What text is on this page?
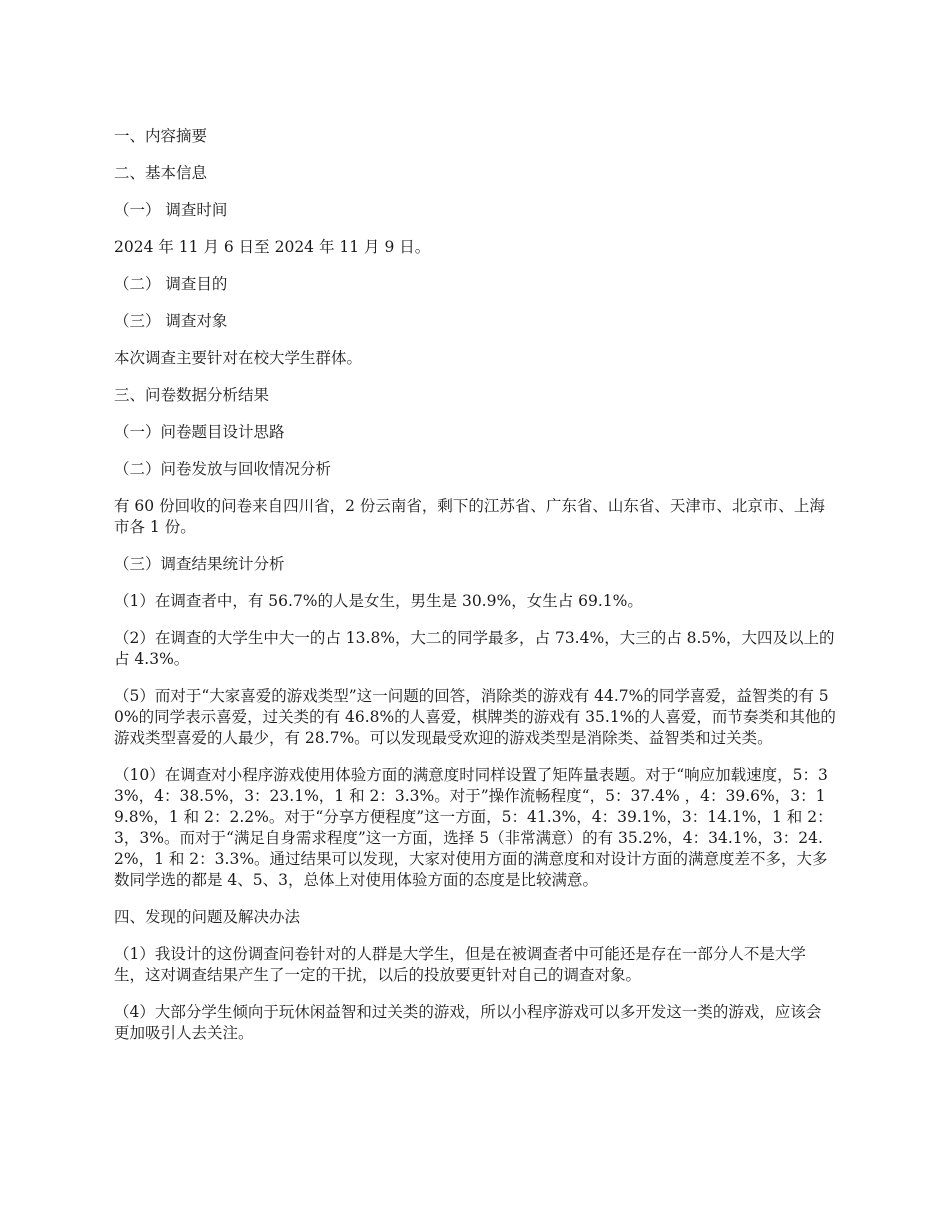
一、内容摘要

二、基本信息

（一） 调查时间

2024 年 11 月 6 日至 2024 年 11 月 9 日。

（二） 调查目的

（三） 调查对象

本次调查主要针对在校大学生群体。

三、问卷数据分析结果

（一）问卷题目设计思路

（二）问卷发放与回收情况分析

有 60 份回收的问卷来自四川省，2 份云南省，剩下的江苏省、广东省、山东省、天津市、北京市、上海市各 1 份。

（三）调查结果统计分析

（1）在调查者中，有 56.7%的人是女生，男生是 30.9%，女生占 69.1%。

（2）在调查的大学生中大一的占 13.8%，大二的同学最多，占 73.4%，大三的占 8.5%，大四及以上的占 4.3%。

（5）而对于“大家喜爱的游戏类型”这一问题的回答，消除类的游戏有 44.7%的同学喜爱，益智类的有 50%的同学表示喜爱，过关类的有 46.8%的人喜爱，棋牌类的游戏有 35.1%的人喜爱，而节奏类和其他的游戏类型喜爱的人最少，有 28.7%。可以发现最受欢迎的游戏类型是消除类、益智类和过关类。

（10）在调查对小程序游戏使用体验方面的满意度时同样设置了矩阵量表题。对于“响应加载速度，5：33%，4：38.5%，3：23.1%，1 和 2：3.3%。对于”操作流畅程度“，5：37.4% ，4：39.6%，3：19.8%，1 和 2：2.2%。对于“分享方便程度”这一方面，5：41.3%，4：39.1%，3：14.1%，1 和 2：3，3%。而对于“满足自身需求程度”这一方面，选择 5（非常满意）的有 35.2%，4：34.1%，3：24.2%，1 和 2：3.3%。通过结果可以发现，大家对使用方面的满意度和对设计方面的满意度差不多，大多数同学选的都是 4、5、3，总体上对使用体验方面的态度是比较满意。

四、发现的问题及解决办法

（1）我设计的这份调查问卷针对的人群是大学生，但是在被调查者中可能还是存在一部分人不是大学生，这对调查结果产生了一定的干扰，以后的投放要更针对自己的调查对象。

（4）大部分学生倾向于玩休闲益智和过关类的游戏，所以小程序游戏可以多开发这一类的游戏，应该会更加吸引人去关注。
